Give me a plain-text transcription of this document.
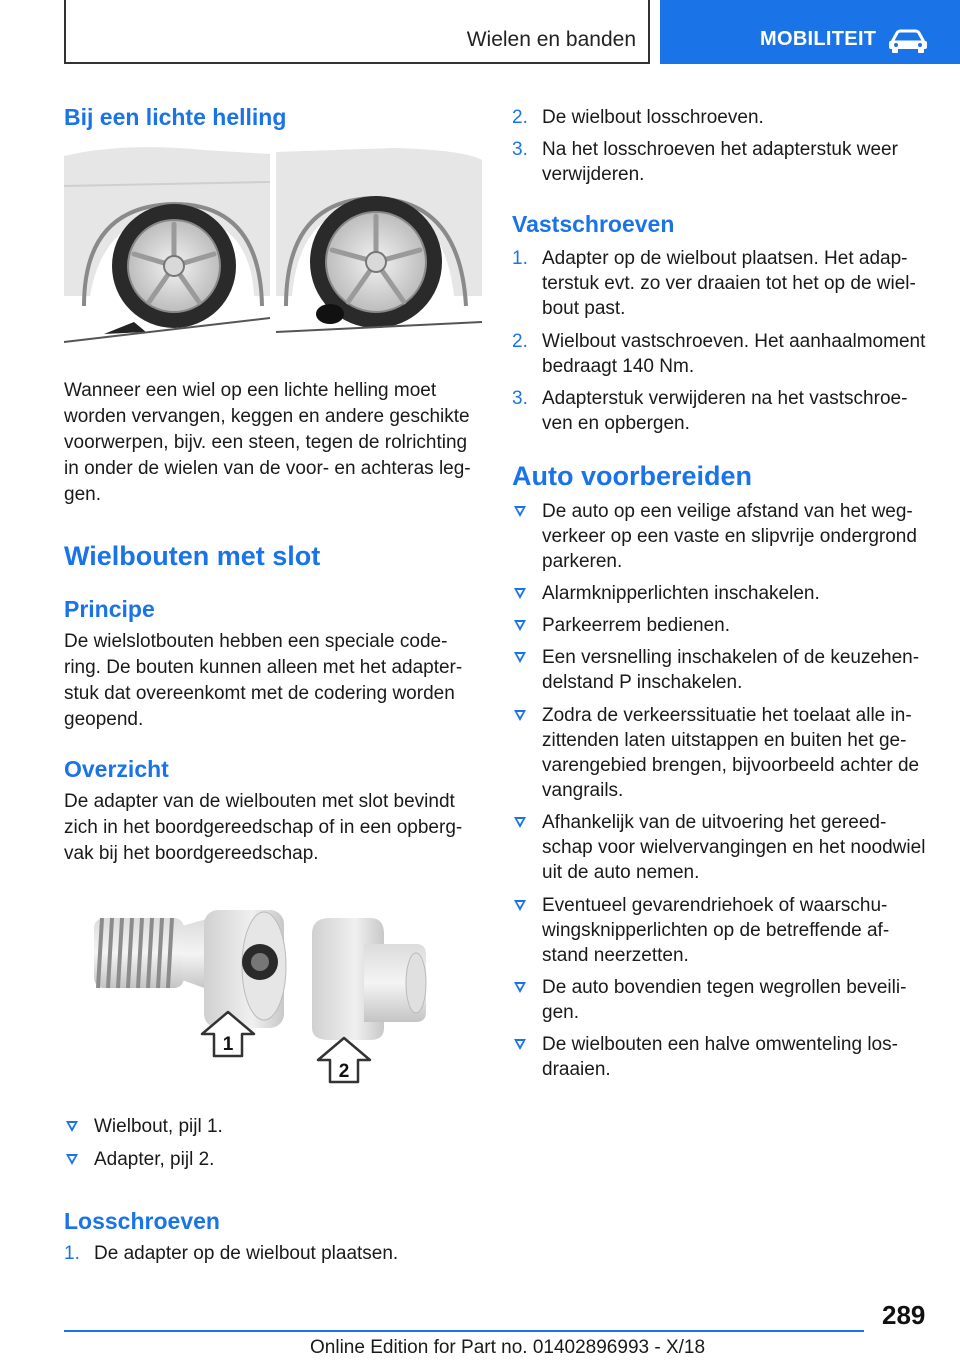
Wielen en banden	MOBILITEIT
Bij een lichte helling
Wanneer een wiel op een lichte helling moet
worden vervangen, keggen en andere geschikte
voorwerpen, bijv. een steen, tegen de rolrichting
in onder de wielen van de voor- en achteras leg-
gen.
Wielbouten met slot
Principe
De wielslotbouten hebben een speciale code-
ring. De bouten kunnen alleen met het adapter-
stuk dat overeenkomt met de codering worden
geopend.
Overzicht
De adapter van de wielbouten met slot bevindt
zich in het boordgereedschap of in een opberg-
vak bij het boordgereedschap.
1
2
Wielbout, pijl 1.
Adapter, pijl 2.
Losschroeven
1. De adapter op de wielbout plaatsen.
2. De wielbout losschroeven.
3. Na het losschroeven het adapterstuk weer
verwijderen.
Vastschroeven
1. Adapter op de wielbout plaatsen. Het adap-
terstuk evt. zo ver draaien tot het op de wiel-
bout past.
2. Wielbout vastschroeven. Het aanhaalmoment
bedraagt 140 Nm.
3. Adapterstuk verwijderen na het vastschroe-
ven en opbergen.
Auto voorbereiden
De auto op een veilige afstand van het weg-
verkeer op een vaste en slipvrije ondergrond
parkeren.
Alarmknipperlichten inschakelen.
Parkeerrem bedienen.
Een versnelling inschakelen of de keuzehen-
delstand P inschakelen.
Zodra de verkeerssituatie het toelaat alle in-
zittenden laten uitstappen en buiten het ge-
varengebied brengen, bijvoorbeeld achter de
vangrails.
Afhankelijk van de uitvoering het gereed-
schap voor wielvervangingen en het noodwiel
uit de auto nemen.
Eventueel gevarendriehoek of waarschu-
wingsknipperlichten op de betreffende af-
stand neerzetten.
De auto bovendien tegen wegrollen beveili-
gen.
De wielbouten een halve omwenteling los-
draaien.
289
Online Edition for Part no. 01402896993 - X/18
